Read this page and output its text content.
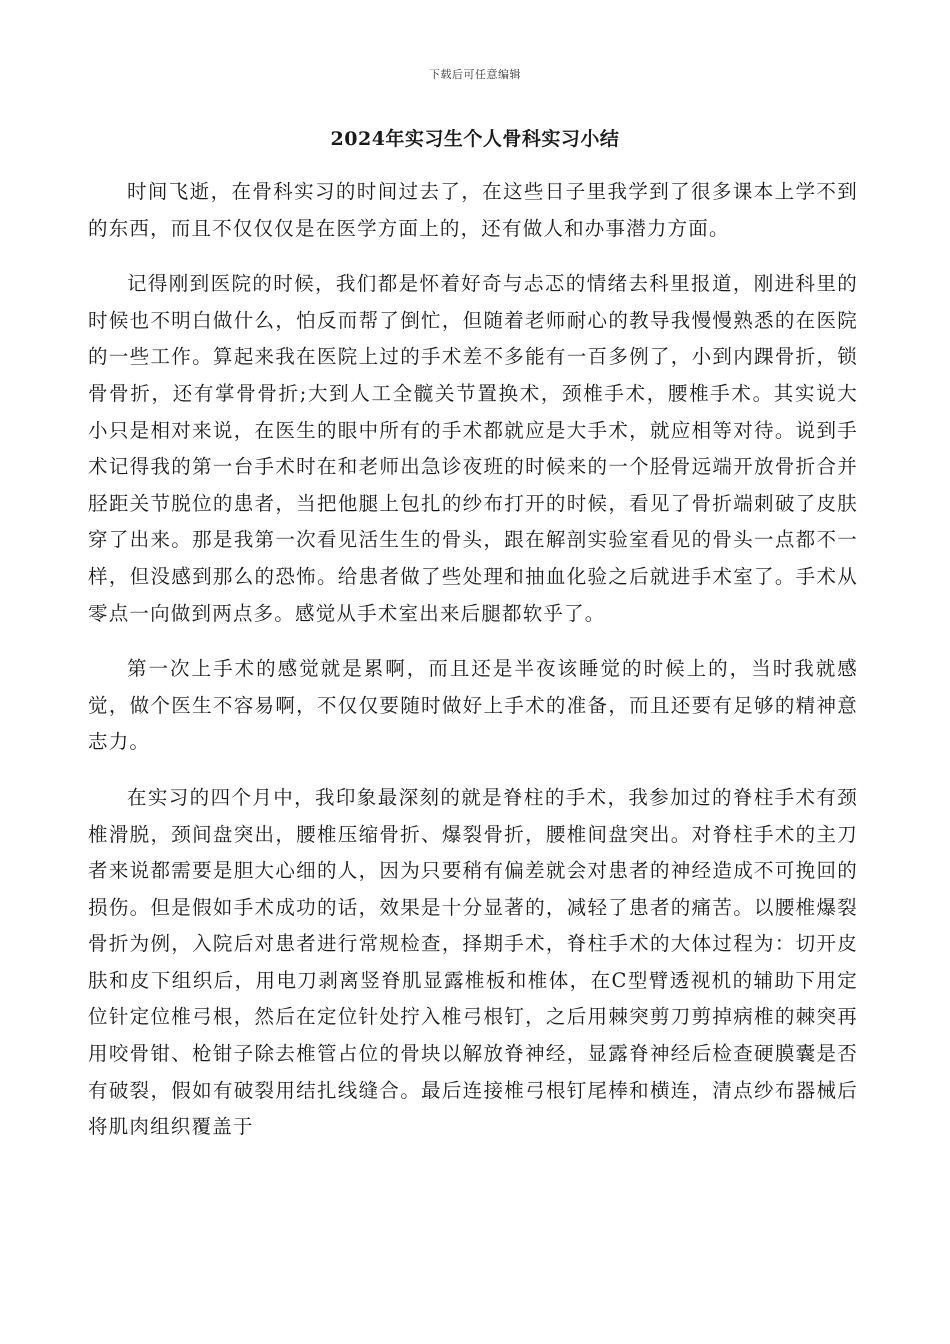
下载后可任意编辑
2024年实习生个人骨科实习小结

时间飞逝，在骨科实习的时间过去了，在这些日子里我学到了很多课本上学不到的东西，而且不仅仅仅是在医学方面上的，还有做人和办事潜力方面。

记得刚到医院的时候，我们都是怀着好奇与忐忑的情绪去科里报道，刚进科里的时候也不明白做什么，怕反而帮了倒忙，但随着老师耐心的教导我慢慢熟悉的在医院的一些工作。算起来我在医院上过的手术差不多能有一百多例了，小到内踝骨折，锁骨骨折，还有掌骨骨折;大到人工全髋关节置换术，颈椎手术，腰椎手术。其实说大小只是相对来说，在医生的眼中所有的手术都就应是大手术，就应相等对待。说到手术记得我的第一台手术时在和老师出急诊夜班的时候来的一个胫骨远端开放骨折合并胫距关节脱位的患者，当把他腿上包扎的纱布打开的时候，看见了骨折端刺破了皮肤穿了出来。那是我第一次看见活生生的骨头，跟在解剖实验室看见的骨头一点都不一样，但没感到那么的恐怖。给患者做了些处理和抽血化验之后就进手术室了。手术从零点一向做到两点多。感觉从手术室出来后腿都软乎了。

第一次上手术的感觉就是累啊，而且还是半夜该睡觉的时候上的，当时我就感觉，做个医生不容易啊，不仅仅要随时做好上手术的准备，而且还要有足够的精神意志力。

在实习的四个月中，我印象最深刻的就是脊柱的手术，我参加过的脊柱手术有颈椎滑脱，颈间盘突出，腰椎压缩骨折、爆裂骨折，腰椎间盘突出。对脊柱手术的主刀者来说都需要是胆大心细的人，因为只要稍有偏差就会对患者的神经造成不可挽回的损伤。但是假如手术成功的话，效果是十分显著的，减轻了患者的痛苦。以腰椎爆裂骨折为例，入院后对患者进行常规检查，择期手术，脊柱手术的大体过程为：切开皮肤和皮下组织后，用电刀剥离竖脊肌显露椎板和椎体，在C型臂透视机的辅助下用定位针定位椎弓根，然后在定位针处拧入椎弓根钉，之后用棘突剪刀剪掉病椎的棘突再用咬骨钳、枪钳子除去椎管占位的骨块以解放脊神经，显露脊神经后检查硬膜囊是否有破裂，假如有破裂用结扎线缝合。最后连接椎弓根钉尾棒和横连，清点纱布器械后将肌肉组织覆盖于
